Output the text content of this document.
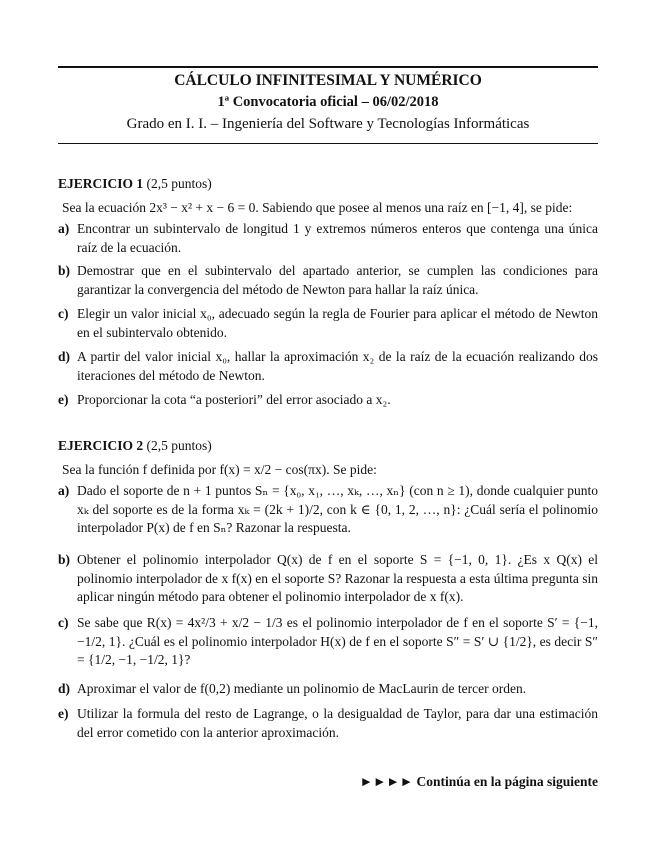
CÁLCULO INFINITESIMAL Y NUMÉRICO
1ª Convocatoria oficial – 06/02/2018
Grado en I. I. – Ingeniería del Software y Tecnologías Informáticas
EJERCICIO 1 (2,5 puntos)
Sea la ecuación 2x³ − x² + x − 6 = 0. Sabiendo que posee al menos una raíz en [−1, 4], se pide:
a) Encontrar un subintervalo de longitud 1 y extremos números enteros que contenga una única raíz de la ecuación.
b) Demostrar que en el subintervalo del apartado anterior, se cumplen las condiciones para garantizar la convergencia del método de Newton para hallar la raíz única.
c) Elegir un valor inicial x₀, adecuado según la regla de Fourier para aplicar el método de Newton en el subintervalo obtenido.
d) A partir del valor inicial x₀, hallar la aproximación x₂ de la raíz de la ecuación realizando dos iteraciones del método de Newton.
e) Proporcionar la cota “a posteriori” del error asociado a x₂.
EJERCICIO 2 (2,5 puntos)
Sea la función f definida por f(x) = x/2 − cos(πx). Se pide:
a) Dado el soporte de n + 1 puntos Sₙ = {x₀, x₁, …, xₖ, …, xₙ} (con n ≥ 1), donde cualquier punto xₖ del soporte es de la forma xₖ = (2k + 1)/2, con k ∈ {0, 1, 2, …, n}: ¿Cuál sería el polinomio interpolador P(x) de f en Sₙ? Razonar la respuesta.
b) Obtener el polinomio interpolador Q(x) de f en el soporte S = {−1, 0, 1}. ¿Es x Q(x) el polinomio interpolador de x f(x) en el soporte S? Razonar la respuesta a esta última pregunta sin aplicar ningún método para obtener el polinomio interpolador de x f(x).
c) Se sabe que R(x) = 4x²/3 + x/2 − 1/3 es el polinomio interpolador de f en el soporte S′ = {−1, −1/2, 1}. ¿Cuál es el polinomio interpolador H(x) de f en el soporte S″ = S′ ∪ {1/2}, es decir S″ = {1/2, −1, −1/2, 1}?
d) Aproximar el valor de f(0,2) mediante un polinomio de MacLaurin de tercer orden.
e) Utilizar la formula del resto de Lagrange, o la desigualdad de Taylor, para dar una estimación del error cometido con la anterior aproximación.
►►►► Continúa en la página siguiente
